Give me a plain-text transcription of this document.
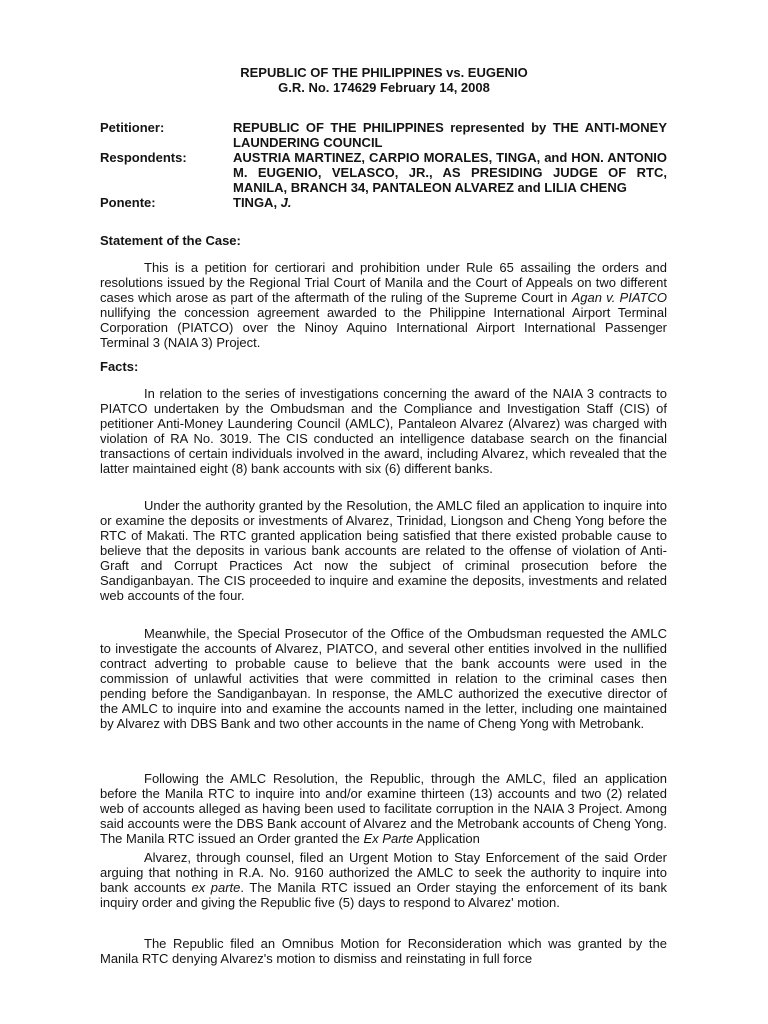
REPUBLIC OF THE PHILIPPINES vs. EUGENIO

G.R. No. 174629 February 14, 2008

Petitioner:	REPUBLIC OF THE PHILIPPINES represented by THE ANTI-MONEY LAUNDERING COUNCIL
Respondents:	AUSTRIA MARTINEZ, CARPIO MORALES, TINGA, and HON. ANTONIO M. EUGENIO, VELASCO, JR., AS PRESIDING JUDGE OF RTC, MANILA, BRANCH 34, PANTALEON ALVAREZ and LILIA CHENG
Ponente:	TINGA, J.

Statement of the Case:

This is a petition for certiorari and prohibition under Rule 65 assailing the orders and resolutions issued by the Regional Trial Court of Manila and the Court of Appeals on two different cases which arose as part of the aftermath of the ruling of the Supreme Court in Agan v. PIATCO nullifying the concession agreement awarded to the Philippine International Airport Terminal Corporation (PIATCO) over the Ninoy Aquino International Airport International Passenger Terminal 3 (NAIA 3) Project.

Facts:

In relation to the series of investigations concerning the award of the NAIA 3 contracts to PIATCO undertaken by the Ombudsman and the Compliance and Investigation Staff (CIS) of petitioner Anti-Money Laundering Council (AMLC), Pantaleon Alvarez (Alvarez) was charged with violation of RA No. 3019. The CIS conducted an intelligence database search on the financial transactions of certain individuals involved in the award, including Alvarez, which revealed that the latter maintained eight (8) bank accounts with six (6) different banks.

Under the authority granted by the Resolution, the AMLC filed an application to inquire into or examine the deposits or investments of Alvarez, Trinidad, Liongson and Cheng Yong before the RTC of Makati. The RTC granted application being satisfied that there existed probable cause to believe that the deposits in various bank accounts are related to the offense of violation of Anti-Graft and Corrupt Practices Act now the subject of criminal prosecution before the Sandiganbayan. The CIS proceeded to inquire and examine the deposits, investments and related web accounts of the four.

Meanwhile, the Special Prosecutor of the Office of the Ombudsman requested the AMLC to investigate the accounts of Alvarez, PIATCO, and several other entities involved in the nullified contract adverting to probable cause to believe that the bank accounts were used in the commission of unlawful activities that were committed in relation to the criminal cases then pending before the Sandiganbayan. In response, the AMLC authorized the executive director of the AMLC to inquire into and examine the accounts named in the letter, including one maintained by Alvarez with DBS Bank and two other accounts in the name of Cheng Yong with Metrobank.

Following the AMLC Resolution, the Republic, through the AMLC, filed an application before the Manila RTC to inquire into and/or examine thirteen (13) accounts and two (2) related web of accounts alleged as having been used to facilitate corruption in the NAIA 3 Project. Among said accounts were the DBS Bank account of Alvarez and the Metrobank accounts of Cheng Yong. The Manila RTC issued an Order granted the Ex Parte Application

Alvarez, through counsel, filed an Urgent Motion to Stay Enforcement of the said Order arguing that nothing in R.A. No. 9160 authorized the AMLC to seek the authority to inquire into bank accounts ex parte. The Manila RTC issued an Order staying the enforcement of its bank inquiry order and giving the Republic five (5) days to respond to Alvarez' motion.

The Republic filed an Omnibus Motion for Reconsideration which was granted by the Manila RTC denying Alvarez's motion to dismiss and reinstating in full force
